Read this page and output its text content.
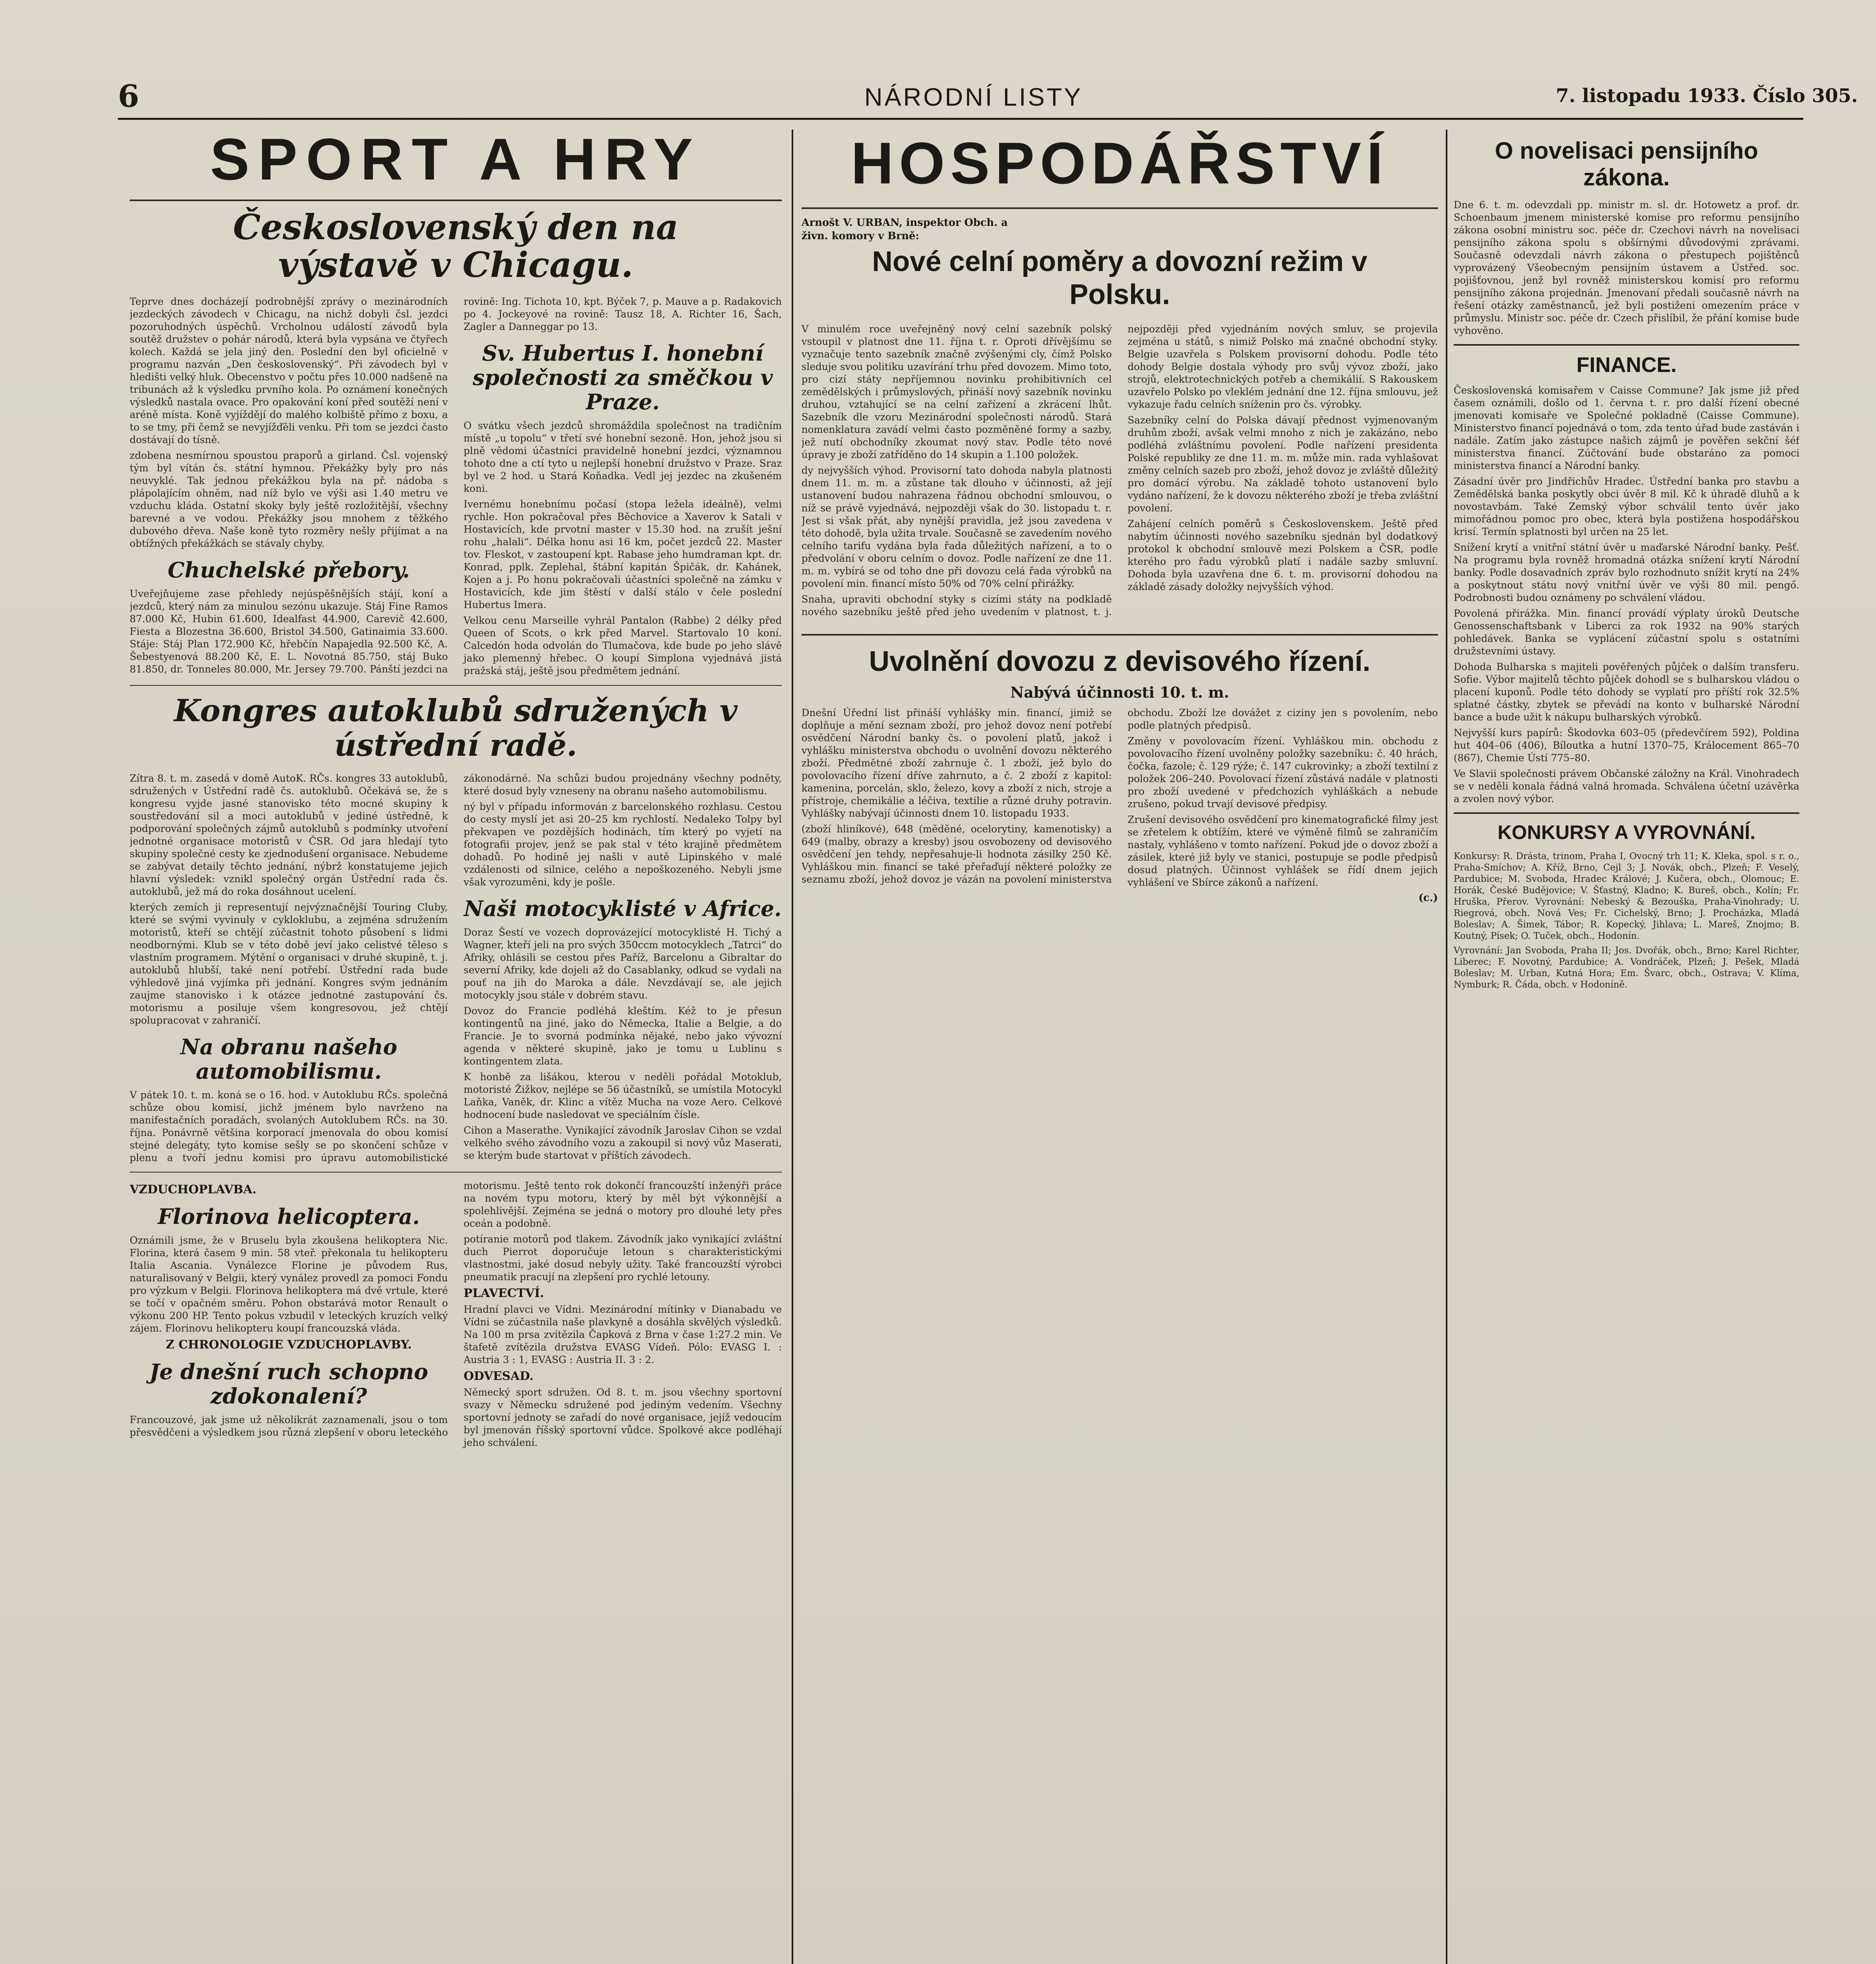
6	NÁRODNÍ LISTY	7. listopadu 1933. Číslo 305.
SPORT A HRY
Československý den na výstavě v Chicagu.

Teprve dnes docházejí podrobnější zprávy o mezinárodních jezdeckých závodech v Chicagu, na nichž dobyli čsl. jezdci pozoruhodných úspěchů. Vrcholnou událostí závodů byla soutěž družstev o pohár národů, která byla vypsána ve čtyřech kolech. Každá se jela jiný den. Poslední den byl oficielně v programu nazván „Den československý“. Při závodech byl v hledišti velký hluk. Obecenstvo v počtu přes 10.000 nadšeně na tribunách až k výsledku prvního kola. Po oznámení konečných výsledků nastala ovace. Pro opakování koní před soutěží není v aréně místa. Koně vyjíždějí do malého kolbiště přímo z boxu, a to se tmy, při čemž se nevyjížďěli venku. Při tom se jezdci často dostávají do tísně.

zdobena nesmírnou spoustou praporů a girland. Čsl. vojenský tým byl vítán čs. státní hymnou. Překážky byly pro nás neuvyklé. Tak jednou překážkou byla na př. nádoba s plápolajícím ohněm, nad níž bylo ve výši asi 1.40 metru ve vzduchu kláda. Ostatní skoky byly ještě rozložitější, všechny barevné a ve vodou. Překážky jsou mnohem z těžkého dubového dřeva. Naše koně tyto rozměry nešly přijímat a na obtížných překážkách se stávaly chyby.

Chuchelské přebory.

Uveřejňujeme zase přehledy nejúspěšnějších stájí, koní a jezdců, který nám za minulou sezónu ukazuje. Stáj Fine Ramos 87.000 Kč, Hubin 61.600, Idealfast 44.900, Carevič 42.600, Fiesta a Blozestna 36.600, Bristol 34.500, Gatinaimia 33.600. Stáje: Stáj Plan 172.900 Kč, hřebčín Napajedla 92.500 Kč, A. Šebestyenová 88.200 Kč, E. L. Novotná 85.750, stáj Buko 81.850, dr. Tonneles 80.000, Mr. Jersey 79.700. Pánští jezdci na rovině: Ing. Tichota 10, kpt. Býček 7, p. Mauve a p. Radakovich po 4. Jockeyové na rovině: Tausz 18, A. Richter 16, Šach, Zagler a Danneggar po 13.

Sv. Hubertus I. honební společnosti za směčkou v Praze.

O svátku všech jezdců shromáždila společnost na tradičním místě „u topolu“ v třetí své honební sezoně. Hon, jehož jsou si plně vědomi účastníci pravidelně honební jezdci, významnou tohoto dne a ctí tyto u nejlepší honební družstvo v Praze. Sraz byl ve 2 hod. u Stará Koňadka. Vedl jej jezdec na zkušeném koni.

Ivernému honebnímu počasí (stopa ležela ideálně), velmi rychle. Hon pokračoval přes Běchovice a Xaverov k Satali v Hostavicích, kde prvotní master v 15.30 hod. na zrušít ješní rohu „halali“. Délka honu asi 16 km, počet jezdců 22. Master tov. Fleskot, v zastoupení kpt. Rabase jeho humdraman kpt. dr. Konrad, pplk. Zeplehal, štábní kapitán Špičák, dr. Kahánek, Kojen a j. Po honu pokračovali účastníci společně na zámku v Hostavicích, kde jim štěstí v další stálo v čele poslední Hubertus Imera.

Velkou cenu Marseille vyhrál Pantalon (Rabbe) 2 délky před Queen of Scots, o krk před Marvel. Startovalo 10 koní. Calcedón hoda odvolán do Tlumačova, kde bude po jeho slávě jako plemenný hřebec. O koupí Simplona vyjednává jistá pražská stáj, ještě jsou předmětem jednání.

Kongres autoklubů sdružených v ústřední radě.

Zítra 8. t. m. zasedá v domě AutoK. RČs. kongres 33 autoklubů, sdružených v Ústřední radě čs. autoklubů. Očekává se, že s kongresu vyjde jasné stanovisko této mocné skupiny k soustředování sil a moci autoklubů v jediné ústředně, k podporování společných zájmů autoklubů s podmínky utvoření jednotné organisace motoristů v ČSR. Od jara hledají tyto skupiny společné cesty ke zjednodušení organisace. Nebudeme se zabývat detaily těchto jednání, nýbrž konstatujeme jejich hlavní výsledek: vznikl společný orgán Ústřední rada čs. autoklubů, jež má do roka dosáhnout ucelení.

kterých zemích ji representují nejvýznačnější Touring Cluby, které se svými vyvinuly v cykloklubu, a zejména sdružením motoristů, kteří se chtějí zúčastnit tohoto působení s lidmi neodbornými. Klub se v této době jeví jako celistvé těleso s vlastním programem. Mýtění o organisaci v druhé skupině, t. j. autoklubů hlubší, také není potřebí. Ústřední rada bude výhledově jiná vyjímka při jednání. Kongres svým jednáním zaujme stanovisko i k otázce jednotné zastupování čs. motorismu a posiluje všem kongresovou, jež chtějí spolupracovat v zahraničí.

Na obranu našeho automobilismu.

V pátek 10. t. m. koná se o 16. hod. v Autoklubu RČs. společná schůze obou komisí, jichž jménem bylo navrženo na manifestačních poradách, svolaných Autoklubem RČs. na 30. října. Ponávrně většina korporací jmenovala do obou komisí stejné delegáty, tyto komise sešly se po skončení schůze v plenu a tvoří jednu komisi pro úpravu automobilistické zákonodárné. Na schůzi budou projednány všechny podněty, které dosud byly vzneseny na obranu našeho automobilismu.

ný byl v případu informován z barcelonského rozhlasu. Cestou do cesty myslí jet asi 20–25 km rychlostí. Nedaleko Tolpy byl překvapen ve pozdějších hodinách, tím který po vyjetí na fotografii projev, jenž se pak stal v této krajině předmětem dohadů. Po hodině jej našli v autě Lipinského v malé vzdálenosti od silnice, celého a nepoškozeného. Nebyli jsme však vyrozuměni, kdy je pošle.

Naši motocyklisté v Africe.

Doraz Šestí ve vozech doprovázející motocyklisté H. Tichý a Wagner, kteří jeli na pro svých 350ccm motocyklech „Tatrci“ do Afriky, ohlásili se cestou přes Paříž, Barcelonu a Gibraltar do severní Afriky, kde dojeli až do Casablanky, odkud se vydali na pouť na jih do Maroka a dále. Nevzdávají se, ale jejich motocykly jsou stále v dobrém stavu.

Dovoz do Francie podléhá kleštím. Kéž to je přesun kontingentů na jiné, jako do Německa, Italie a Belgie, a do Francie. Je to svorná podmínka nějaké, nebo jako vývozní agenda v některé skupině, jako je tomu u Lublinu s kontingentem zlata.

K honbě za lišákou, kterou v neděli pořádal Motoklub, motoristé Žižkov, nejlépe se 56 účastníků, se umístila Motocykl Laňka, Vaněk, dr. Klinc a vítěz Mucha na voze Aero. Celkové hodnocení bude nasledovat ve speciálním čísle.

Cihon a Maserathe. Vynikající závodník Jaroslav Cihon se vzdal velkého svého závodního vozu a zakoupil si nový vůz Maserati, se kterým bude startovat v příštích závodech.

VZDUCHOPLAVBA.
Florinova helicoptera.

Oznámili jsme, že v Bruselu byla zkoušena helikoptera Nic. Florina, která časem 9 min. 58 vteř. překonala tu helikopteru Italia Ascania. Vynálezce Florine je původem Rus, naturalisovaný v Belgii, který vynález provedl za pomoci Fondu pro výzkum v Belgii. Florinova helikoptera má dvě vrtule, které se točí v opačném směru. Pohon obstarává motor Renault o výkonu 200 HP. Tento pokus vzbudil v leteckých kruzích velký zájem. Florinovu helikopteru koupí francouzská vláda.

Z CHRONOLOGIE VZDUCHOPLAVBY.
Je dnešní ruch schopno zdokonalení?

Francouzové, jak jsme už několikrát zaznamenali, jsou o tom přesvědčeni a výsledkem jsou různá zlepšení v oboru leteckého motorismu. Ještě tento rok dokončí francouzští inženýři práce na novém typu motoru, který by měl být výkonnější a spolehlivější. Zejména se jedná o motory pro dlouhé lety přes oceán a podobně.

potíranie motorů pod tlakem. Závodník jako vynikající zvláštní duch Pierrot doporučuje letoun s charakteristickými vlastnostmi, jaké dosud nebyly užity. Také francouzští výrobci pneumatik pracují na zlepšení pro rychlé letouny.

PLAVECTVÍ.

Hradní plavci ve Vídni. Mezinárodní mítinky v Dianabadu ve Vídni se zúčastnila naše plavkyně a dosáhla skvělých výsledků. Na 100 m prsa zvítězila Čapková z Brna v čase 1:27.2 min. Ve štafetě zvítězila družstva EVASG Vídeň. Pólo: EVASG I. : Austria 3 : 1, EVASG : Austria II. 3 : 2.

ODVESAD.

Německý sport sdružen. Od 8. t. m. jsou všechny sportovní svazy v Německu sdružené pod jediným vedením. Všechny sportovní jednoty se zařadí do nové organisace, jejíž vedoucím byl jmenován říšský sportovní vůdce. Spolkové akce podléhají jeho schválení.

HOSPODÁŘSTVÍ
Arnošt V. URBAN, inspektor Obch. a živn. komory v Brně:
Nové celní poměry a dovozní režim v Polsku.

V minulém roce uveřejněný nový celní sazebník polský vstoupil v platnost dne 11. října t. r. Oproti dřívějšímu se vyznačuje tento sazebník značně zvýšenými cly, čímž Polsko sleduje svou politiku uzavírání trhu před dovozem. Mimo toto, pro cizí státy nepříjemnou novinku prohibitivních cel zemědělských i průmyslových, přináší nový sazebník novinku druhou, vztahující se na celní zařízení a zkrácení lhůt. Sazebník dle vzoru Mezinárodní společnosti národů. Stará nomenklatura zavádí velmi často pozměněné formy a sazby, jež nutí obchodníky zkoumat nový stav. Podle této nové úpravy je zboží zatříděno do 14 skupin a 1.100 položek.

dy nejvyšších výhod. Provisorní tato dohoda nabyla platnosti dnem 11. m. m. a zůstane tak dlouho v účinnosti, až její ustanovení budou nahrazena řádnou obchodní smlouvou, o níž se právě vyjednává, nejpozději však do 30. listopadu t. r. Jest si však přát, aby nynější pravidla, jež jsou zavedena v této dohodě, byla užita trvale. Současně se zavedením nového celního tarifu vydána byla řada důležitých nařízení, a to o předvolání v oboru celním o dovoz. Podle nařízení ze dne 11. m. m. vybírá se od toho dne při dovozu celá řada výrobků na povolení min. financí místo 50% od 70% celní přirážky.

Snaha, upraviti obchodní styky s cizími státy na podkladě nového sazebníku ještě před jeho uvedením v platnost, t. j. nejpozději před vyjednáním nových smluv, se projevila zejména u států, s nimiž Polsko má značné obchodní styky. Belgie uzavřela s Polskem provisorní dohodu. Podle této dohody Belgie dostala výhody pro svůj vývoz zboží, jako strojů, elektrotechnických potřeb a chemikálií. S Rakouskem uzavřelo Polsko po vleklém jednání dne 12. října smlouvu, jež vykazuje řadu celních sníženin pro čs. výrobky.

Sazebníky celní do Polska dávají přednost vyjmenovaným druhům zboží, avšak velmi mnoho z nich je zakázáno, nebo podléhá zvláštnímu povolení. Podle nařízení presidenta Polské republiky ze dne 11. m. m. může min. rada vyhlašovat změny celních sazeb pro zboží, jehož dovoz je zvláště důležitý pro domácí výrobu. Na základě tohoto ustanovení bylo vydáno nařízení, že k dovozu některého zboží je třeba zvláštní povolení.

Zahájení celních poměrů s Československem. Ještě před nabytím účinnosti nového sazebníku sjednán byl dodatkový protokol k obchodní smlouvě mezi Polskem a ČSR, podle kterého pro řadu výrobků platí i nadále sazby smluvní. Dohoda byla uzavřena dne 6. t. m. provisorní dohodou na základě zásady doložky nejvyšších výhod.

Uvolnění dovozu z devisového řízení.
Nabývá účinnosti 10. t. m.

Dnešní Úřední list přináší vyhlášky min. financí, jimiž se doplňuje a mění seznam zboží, pro jehož dovoz není potřebí osvědčení Národní banky čs. o povolení platů, jakož i vyhlášku ministerstva obchodu o uvolnění dovozu některého zboží. Předmětné zboží zahrnuje č. 1 zboží, jež bylo do povolovacího řízení dříve zahrnuto, a č. 2 zboží z kapitol: kamenina, porcelán, sklo, železo, kovy a zboží z nich, stroje a přístroje, chemikálie a léčiva, textilie a různé druhy potravin. Vyhlášky nabývají účinnosti dnem 10. listopadu 1933.

(zboží hliníkové), 648 (měděné, ocelorytiny, kamenotisky) a 649 (malby, obrazy a kresby) jsou osvobozeny od devisového osvědčení jen tehdy, nepřesahuje-li hodnota zásilky 250 Kč. Vyhláškou min. financí se také přeřaďují některé položky ze seznamu zboží, jehož dovoz je vázán na povolení ministerstva obchodu. Zboží lze dovážet z ciziny jen s povolením, nebo podle platných předpisů.

Změny v povolovacím řízení. Vyhláškou min. obchodu z povolovacího řízení uvolněny položky sazebníku: č. 40 hrách, čočka, fazole; č. 129 rýže; č. 147 cukrovinky; a zboží textilní z položek 206–240. Povolovací řízení zůstává nadále v platnosti pro zboží uvedené v předchozích vyhláškách a nebude zrušeno, pokud trvají devisové předpisy.

Zrušení devisového osvědčení pro kinematografické filmy jest se zřetelem k obtížím, které ve výměně filmů se zahraničím nastaly, vyhlášeno v tomto nařízení. Pokud jde o dovoz zboží a zásilek, které již byly ve stanici, postupuje se podle předpisů dosud platných. Účinnost vyhlášek se řídí dnem jejich vyhlášení ve Sbírce zákonů a nařízení.

(c.)
O novelisaci pensijního zákona.

Dne 6. t. m. odevzdali pp. ministr m. sl. dr. Hotowetz a prof. dr. Schoenbaum jmenem ministerské komise pro reformu pensijního zákona osobní ministru soc. péče dr. Czechovi návrh na novelisaci pensijního zákona spolu s obšírnými důvodovými zprávami. Současně odevzdali návrh zákona o přestupech pojištěnců vyprovázený Všeobecným pensijním ústavem a Ústřed. soc. pojišťovnou, jenž byl rovněž ministerskou komisí pro reformu pensijního zákona projednán. Jmenovaní předali současně návrh na řešení otázky zaměstnanců, jež byli postiženi omezením práce v průmyslu. Ministr soc. péče dr. Czech přislíbil, že přání komise bude vyhověno.

FINANCE.

Československá komisařem v Caisse Commune? Jak jsme již před časem oznámili, došlo od 1. června t. r. pro další řízení obecné jmenovati komisaře ve Společné pokladně (Caisse Commune). Ministerstvo financí pojednává o tom, zda tento úřad bude zastáván i nadále. Zatím jako zástupce našich zájmů je pověřen sekční šéf ministerstva financí. Zúčtování bude obstaráno za pomoci ministerstva financí a Národní banky.

Zásadní úvěr pro Jindřichův Hradec. Ústřední banka pro stavbu a Zemědělská banka poskytly obci úvěr 8 mil. Kč k úhradě dluhů a k novostavbám. Také Zemský výbor schválil tento úvěr jako mimořádnou pomoc pro obec, která byla postižena hospodářskou krisí. Termín splatnosti byl určen na 25 let.

Snížení krytí a vnitřní státní úvěr u maďarské Národní banky. Pešť. Na programu byla rovněž hromadná otázka snížení krytí Národní banky. Podle dosavadních zpráv bylo rozhodnuto snížit krytí na 24% a poskytnout státu nový vnitřní úvěr ve výši 80 mil. pengő. Podrobnosti budou oznámeny po schválení vládou.

Povolená přirážka. Min. financí provádí výplaty úroků Deutsche Genossenschaftsbank v Liberci za rok 1932 na 90% starých pohledávek. Banka se vyplácení zúčastní spolu s ostatními družstevními ústavy.

Dohoda Bulharska s majiteli pověřených půjček o dalším transferu. Sofie. Výbor majitelů těchto půjček dohodl se s bulharskou vládou o placení kuponů. Podle této dohody se vyplatí pro příští rok 32.5% splatné částky, zbytek se převádí na konto v bulharské Národní bance a bude užit k nákupu bulharských výrobků.

Nejvyšší kurs papírů: Škodovka 603–05 (předevčírem 592), Poldina hut 404–06 (406), Bíloutka a hutní 1370–75, Králocement 865–70 (867), Chemie Ústí 775–80.

Ve Slavii společnosti právem Občanské záložny na Král. Vinohradech se v neděli konala řádná valná hromada. Schválena účetní uzávěrka a zvolen nový výbor.

KONKURSY A VYROVNÁNÍ.

Konkursy: R. Drásta, trinom, Praha I, Ovocný trh 11; K. Kleka, spol. s r. o., Praha-Smíchov; A. Kříž, Brno, Cejl 3; J. Novák, obch., Plzeň; F. Veselý, Pardubice; M. Svoboda, Hradec Králové; J. Kučera, obch., Olomouc; E. Horák, České Budějovice; V. Šťastný, Kladno; K. Bureš, obch., Kolín; Fr. Hruška, Přerov. Vyrovnání: Nebeský & Bezouška, Praha-Vinohrady; U. Riegrová, obch. Nová Ves; Fr. Cichelský, Brno; J. Procházka, Mladá Boleslav; A. Šimek, Tábor; R. Kopecký, Jihlava; L. Mareš, Znojmo; B. Koutný, Písek; O. Tuček, obch., Hodonín.

Vyrovnání: Jan Svoboda, Praha II; Jos. Dvořák, obch., Brno; Karel Richter, Liberec; F. Novotný, Pardubice; A. Vondráček, Plzeň; J. Pešek, Mladá Boleslav; M. Urban, Kutná Hora; Em. Švarc, obch., Ostrava; V. Klíma, Nymburk; R. Čáda, obch. v Hodoníně.
